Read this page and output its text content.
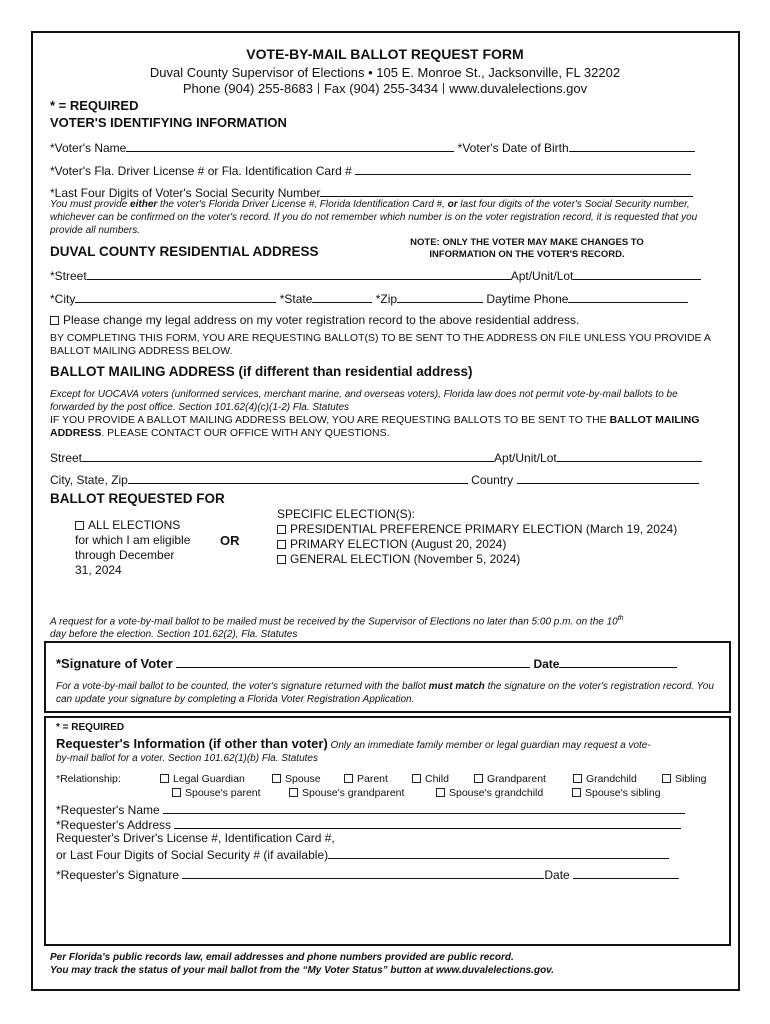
VOTE-BY-MAIL BALLOT REQUEST FORM
Duval County Supervisor of Elections • 105 E. Monroe St., Jacksonville, FL 32202
Phone (904) 255-8683 Fax (904) 255-3434 www.duvalelections.gov
* = REQUIRED
VOTER'S IDENTIFYING INFORMATION
*Voter's Name	*Voter's Date of Birth
*Voter's Fla. Driver License # or Fla. Identification Card #
*Last Four Digits of Voter's Social Security Number
You must provide either the voter's Florida Driver License #, Florida Identification Card #, or last four digits of the voter's Social Security number, whichever can be confirmed on the voter's record. If you do not remember which number is on the voter registration record, it is requested that you provide all numbers.
DUVAL COUNTY RESIDENTIAL ADDRESS
NOTE: ONLY THE VOTER MAY MAKE CHANGES TO INFORMATION ON THE VOTER'S RECORD.
*Street	Apt/Unit/Lot
*City	*State	*Zip	Daytime Phone
Please change my legal address on my voter registration record to the above residential address.
BY COMPLETING THIS FORM, YOU ARE REQUESTING BALLOT(S) TO BE SENT TO THE ADDRESS ON FILE UNLESS YOU PROVIDE A BALLOT MAILING ADDRESS BELOW.
BALLOT MAILING ADDRESS (if different than residential address)
Except for UOCAVA voters (uniformed services, merchant marine, and overseas voters), Florida law does not permit vote-by-mail ballots to be forwarded by the post office. Section 101.62(4)(c)(1-2) Fla. Statutes
IF YOU PROVIDE A BALLOT MAILING ADDRESS BELOW, YOU ARE REQUESTING BALLOTS TO BE SENT TO THE BALLOT MAILING ADDRESS. PLEASE CONTACT OUR OFFICE WITH ANY QUESTIONS.
Street	Apt/Unit/Lot
City, State, Zip	Country
BALLOT REQUESTED FOR
ALL ELECTIONS
for which I am eligible
through December
31, 2024
OR
SPECIFIC ELECTION(S):
PRESIDENTIAL PREFERENCE PRIMARY ELECTION (March 19, 2024)
PRIMARY ELECTION (August 20, 2024)
GENERAL ELECTION (November 5, 2024)
A request for a vote-by-mail ballot to be mailed must be received by the Supervisor of Elections no later than 5:00 p.m. on the 10th
day before the election. Section 101.62(2), Fla. Statutes
*Signature of Voter	Date
For a vote-by-mail ballot to be counted, the voter's signature returned with the ballot must match the signature on the voter's registration record. You can update your signature by completing a Florida Voter Registration Application.
* = REQUIRED
Requester's Information (if other than voter) Only an immediate family member or legal guardian may request a vote-
by-mail ballot for a voter. Section 101.62(1)(b) Fla. Statutes
*Relationship:	Legal Guardian	Spouse	Parent	Child	Grandparent	Grandchild	Sibling
Spouse's parent	Spouse's grandparent	Spouse's grandchild	Spouse's sibling
*Requester's Name
*Requester's Address
Requester's Driver's License #, Identification Card #,
or Last Four Digits of Social Security # (if available)
*Requester's Signature	Date
Per Florida's public records law, email addresses and phone numbers provided are public record.
You may track the status of your mail ballot from the “My Voter Status” button at www.duvalelections.gov.
